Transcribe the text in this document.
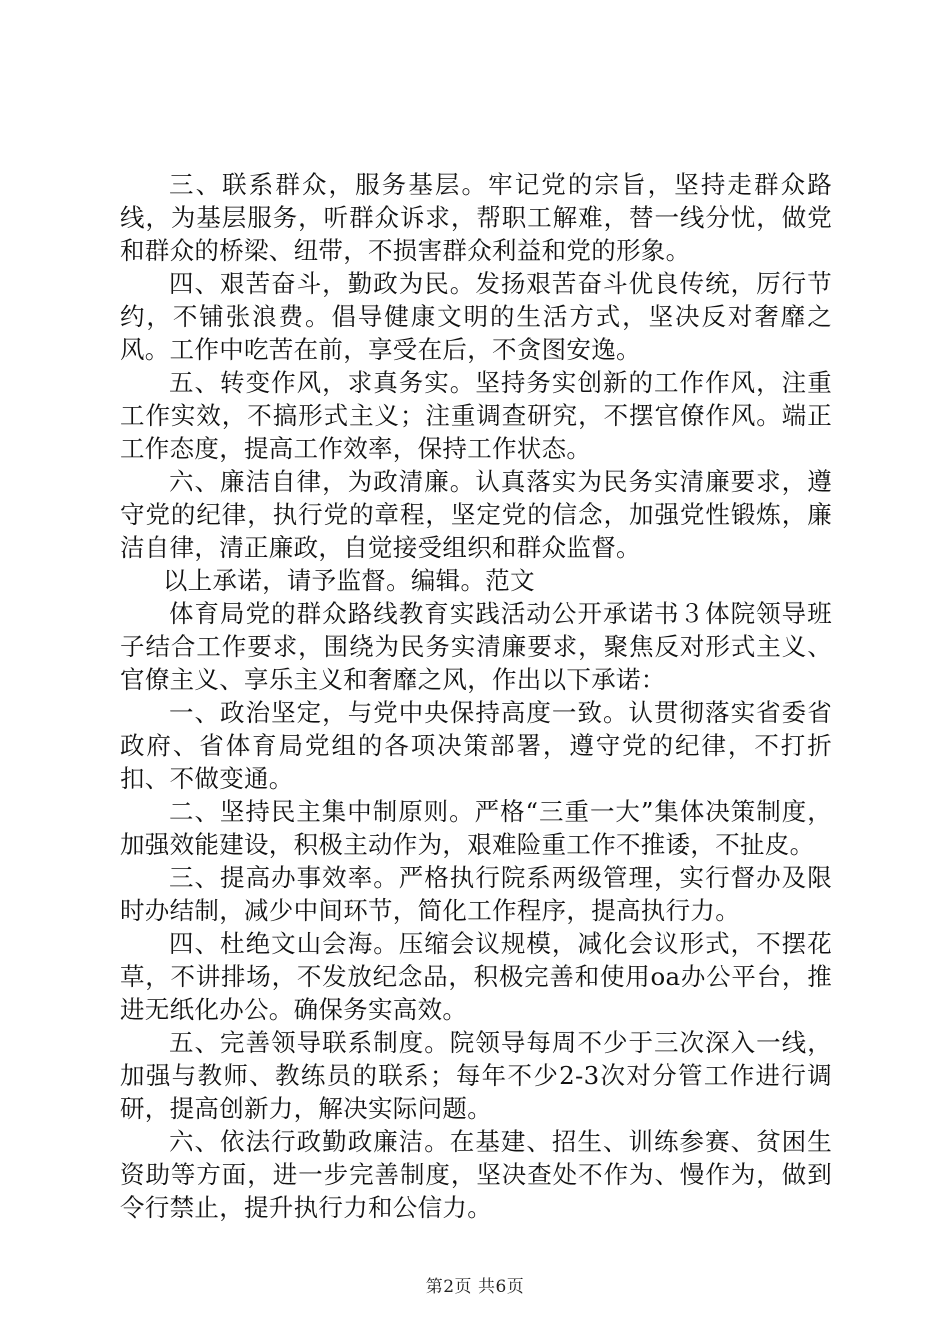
三、联系群众，服务基层。牢记党的宗旨，坚持走群众路线，为基层服务，听群众诉求，帮职工解难，替一线分忧，做党和群众的桥梁、纽带，不损害群众利益和党的形象。

四、艰苦奋斗，勤政为民。发扬艰苦奋斗优良传统，厉行节约，不铺张浪费。倡导健康文明的生活方式，坚决反对奢靡之风。工作中吃苦在前，享受在后，不贪图安逸。

五、转变作风，求真务实。坚持务实创新的工作作风，注重工作实效，不搞形式主义；注重调查研究，不摆官僚作风。端正工作态度，提高工作效率，保持工作状态。

六、廉洁自律，为政清廉。认真落实为民务实清廉要求，遵守党的纪律，执行党的章程，坚定党的信念，加强党性锻炼，廉洁自律，清正廉政，自觉接受组织和群众监督。

以上承诺，请予监督。编辑。范文

体育局党的群众路线教育实践活动公开承诺书３体院领导班子结合工作要求，围绕为民务实清廉要求，聚焦反对形式主义、官僚主义、享乐主义和奢靡之风，作出以下承诺：

一、政治坚定，与党中央保持高度一致。认贯彻落实省委省政府、省体育局党组的各项决策部署，遵守党的纪律，不打折扣、不做变通。

二、坚持民主集中制原则。严格“三重一大”集体决策制度，加强效能建设，积极主动作为，艰难险重工作不推诿，不扯皮。

三、提高办事效率。严格执行院系两级管理，实行督办及限时办结制，减少中间环节，简化工作程序，提高执行力。

四、杜绝文山会海。压缩会议规模，减化会议形式，不摆花草，不讲排场，不发放纪念品，积极完善和使用oa办公平台，推进无纸化办公。确保务实高效。

五、完善领导联系制度。院领导每周不少于三次深入一线，加强与教师、教练员的联系；每年不少2-3次对分管工作进行调研，提高创新力，解决实际问题。

六、依法行政勤政廉洁。在基建、招生、训练参赛、贫困生资助等方面，进一步完善制度，坚决查处不作为、慢作为，做到令行禁止，提升执行力和公信力。

第2页 共6页
